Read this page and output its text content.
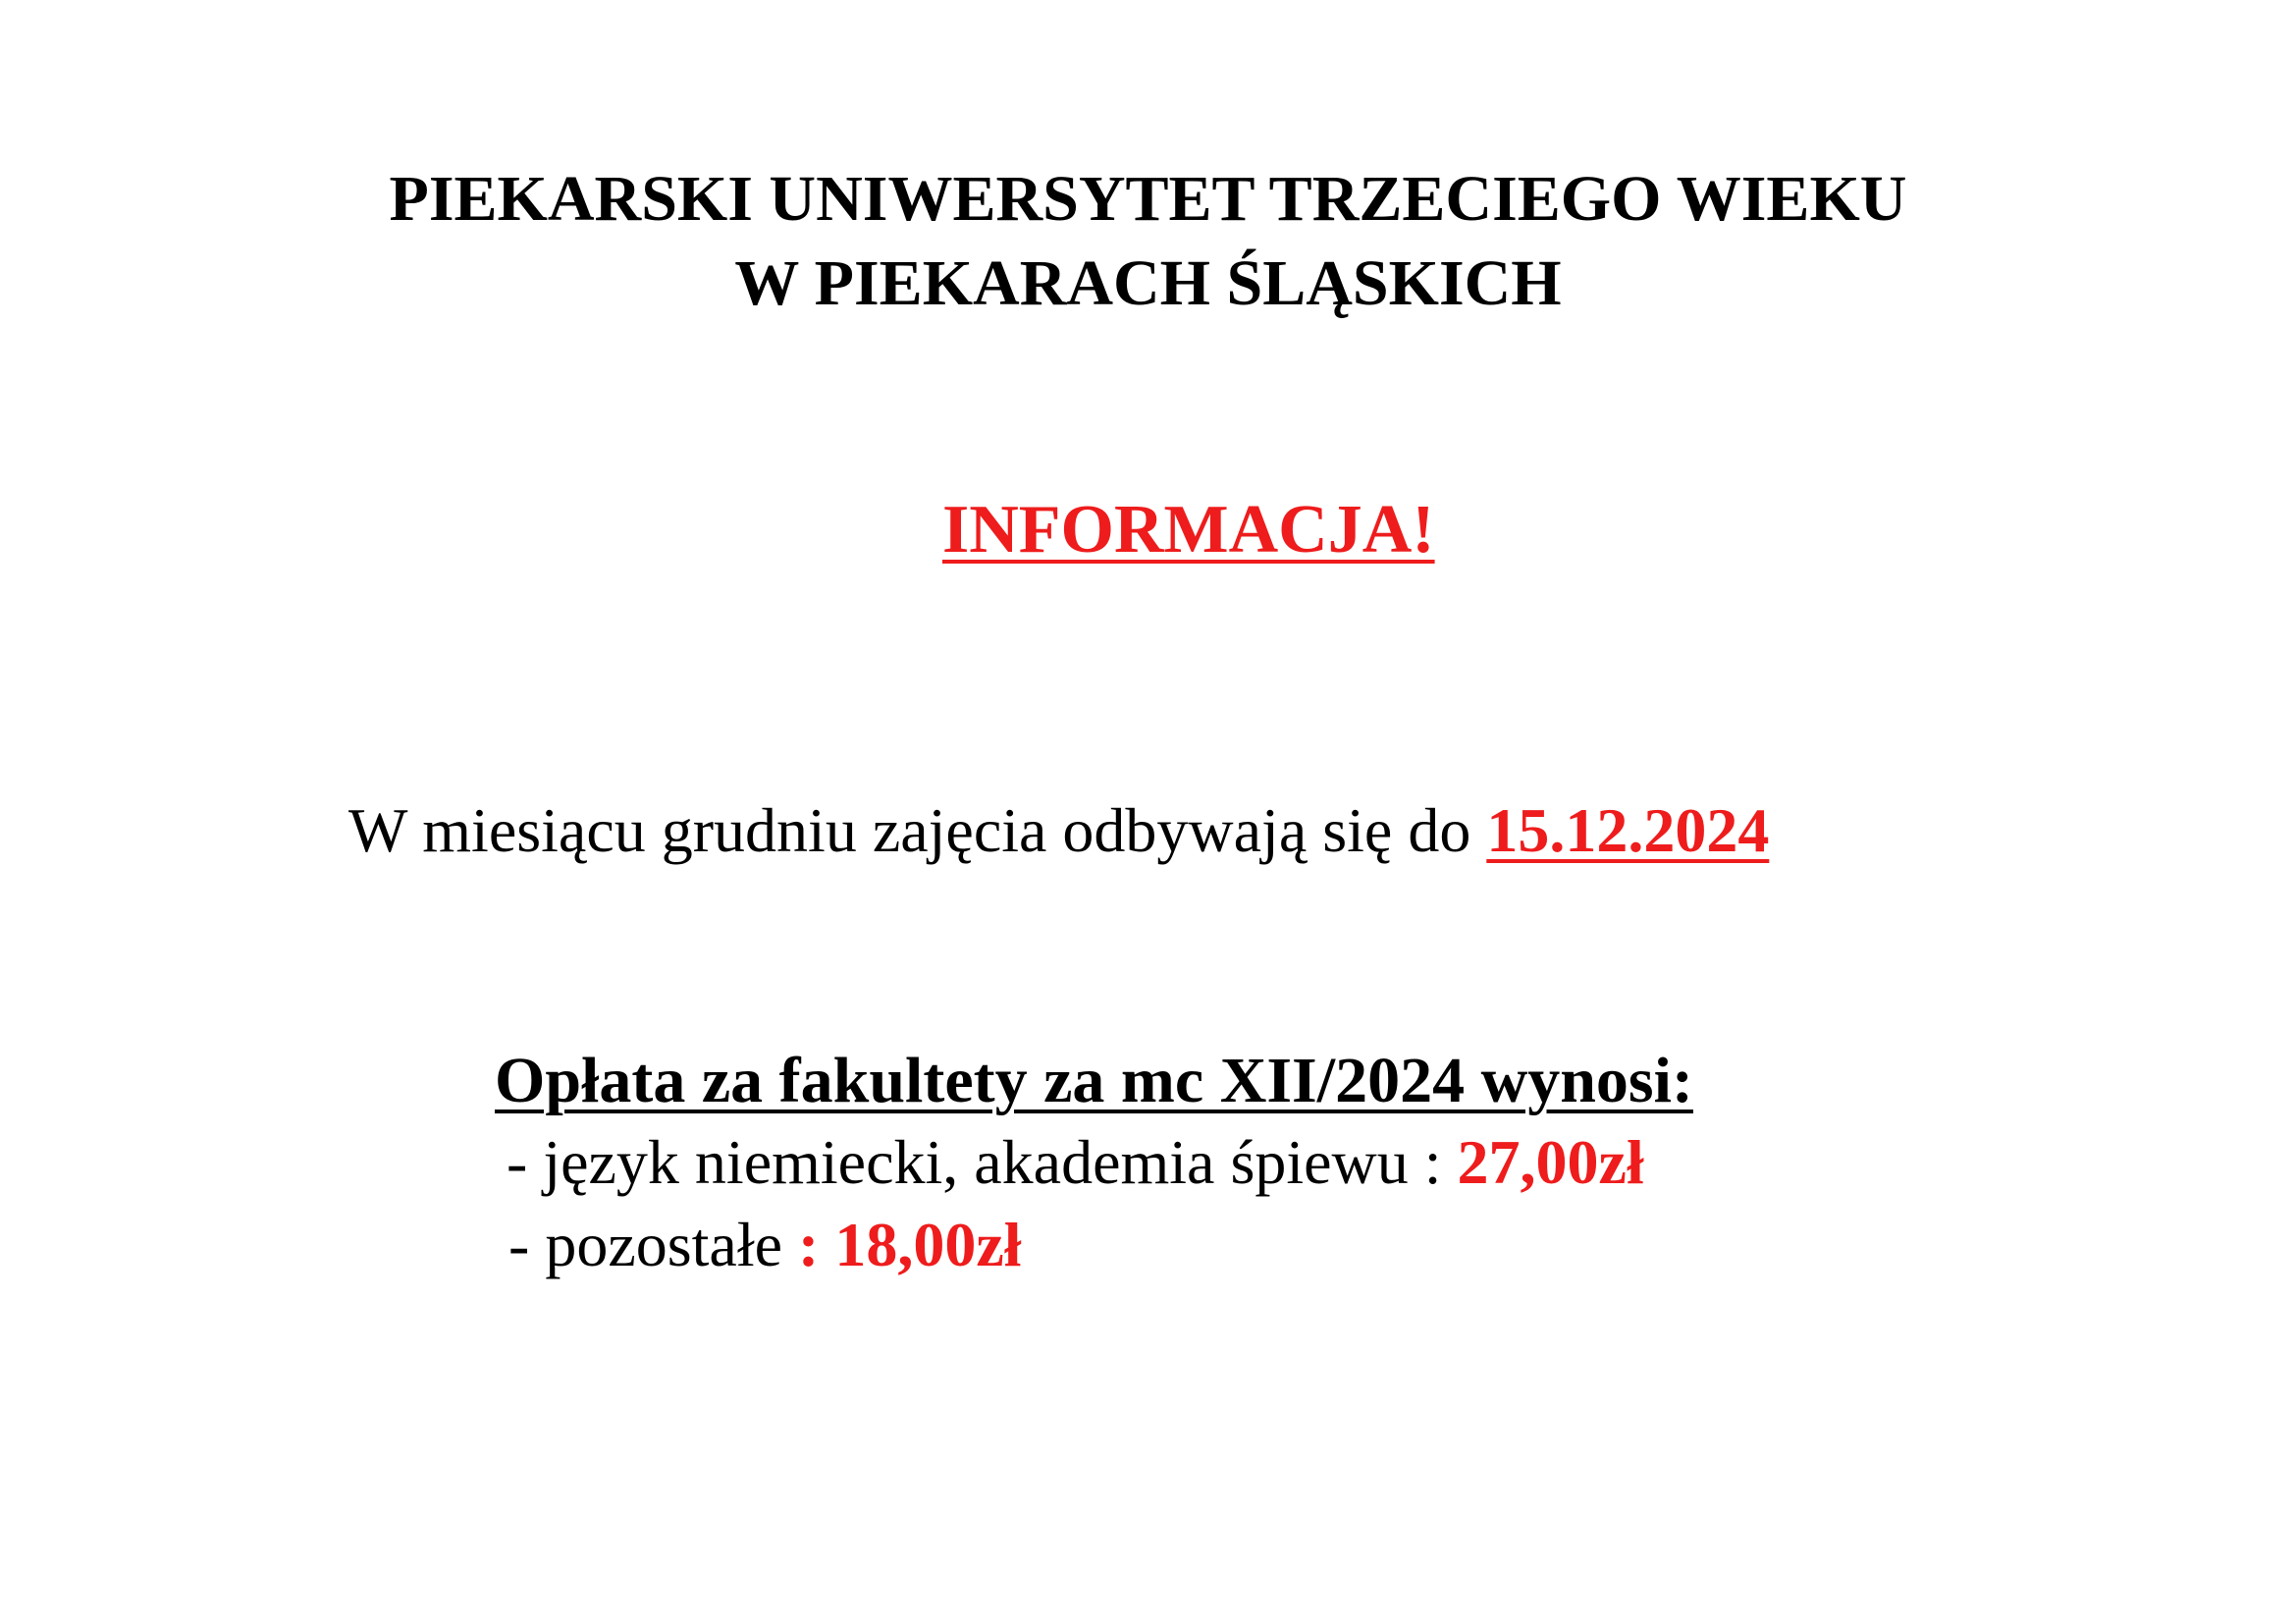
PIEKARSKI UNIWERSYTET TRZECIEGO WIEKU
W PIEKARACH ŚLĄSKICH
INFORMACJA!
W miesiącu grudniu zajęcia odbywają się do 15.12.2024
Opłata za fakultety za mc XII/2024 wynosi:
- język niemiecki, akademia śpiewu : 27,00zł
- pozostałe : 18,00zł
